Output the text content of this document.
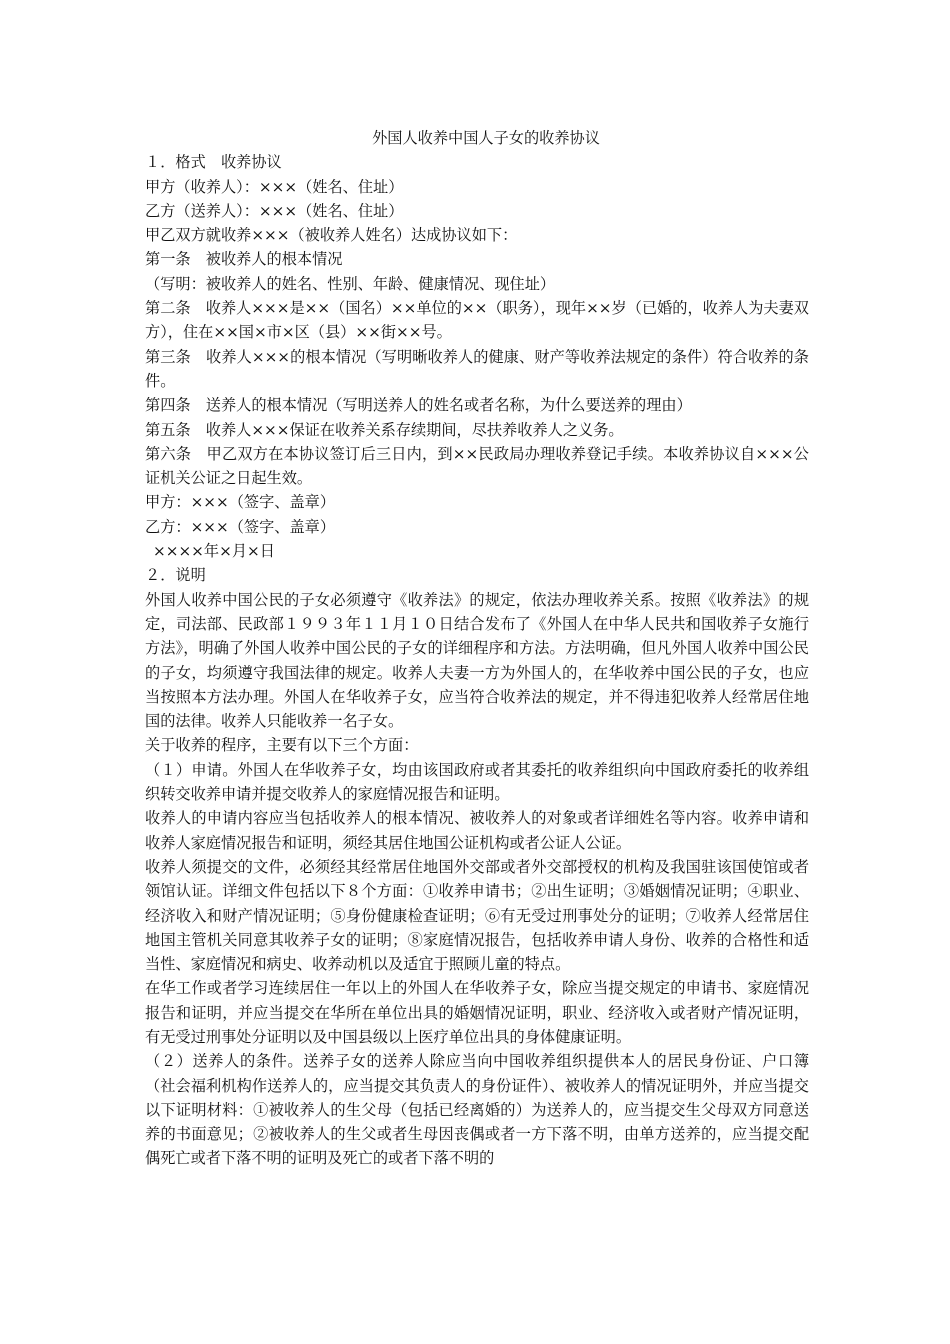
外国人收养中国人子女的收养协议

１．格式　收养协议

甲方（收养人）：×××（姓名、住址）

乙方（送养人）：×××（姓名、住址）

甲乙双方就收养×××（被收养人姓名）达成协议如下：

第一条　被收养人的根本情况

（写明：被收养人的姓名、性别、年龄、健康情况、现住址）

第二条　收养人×××是××（国名）××单位的××（职务），现年××岁（已婚的，收养人为夫妻双方），住在××国×市×区（县）××街××号。

第三条　收养人×××的根本情况（写明晰收养人的健康、财产等收养法规定的条件）符合收养的条件。

第四条　送养人的根本情况（写明送养人的姓名或者名称，为什么要送养的理由）

第五条　收养人×××保证在收养关系存续期间，尽扶养收养人之义务。

第六条　甲乙双方在本协议签订后三日内，到××民政局办理收养登记手续。本收养协议自×××公证机关公证之日起生效。

甲方：×××（签字、盖章）

乙方：×××（签字、盖章）

××××年×月×日

２．说明

外国人收养中国公民的子女必须遵守《收养法》的规定，依法办理收养关系。按照《收养法》的规定，司法部、民政部１９９３年１１月１０日结合发布了《外国人在中华人民共和国收养子女施行方法》，明确了外国人收养中国公民的子女的详细程序和方法。方法明确，但凡外国人收养中国公民的子女，均须遵守我国法律的规定。收养人夫妻一方为外国人的，在华收养中国公民的子女，也应当按照本方法办理。外国人在华收养子女，应当符合收养法的规定，并不得违犯收养人经常居住地国的法律。收养人只能收养一名子女。

关于收养的程序，主要有以下三个方面：

（１）申请。外国人在华收养子女，均由该国政府或者其委托的收养组织向中国政府委托的收养组织转交收养申请并提交收养人的家庭情况报告和证明。

收养人的申请内容应当包括收养人的根本情况、被收养人的对象或者详细姓名等内容。收养申请和收养人家庭情况报告和证明，须经其居住地国公证机构或者公证人公证。

收养人须提交的文件，必须经其经常居住地国外交部或者外交部授权的机构及我国驻该国使馆或者领馆认证。详细文件包括以下８个方面：①收养申请书；②出生证明；③婚姻情况证明；④职业、经济收入和财产情况证明；⑤身份健康检查证明；⑥有无受过刑事处分的证明；⑦收养人经常居住地国主管机关同意其收养子女的证明；⑧家庭情况报告，包括收养申请人身份、收养的合格性和适当性、家庭情况和病史、收养动机以及适宜于照顾儿童的特点。

在华工作或者学习连续居住一年以上的外国人在华收养子女，除应当提交规定的申请书、家庭情况报告和证明，并应当提交在华所在单位出具的婚姻情况证明，职业、经济收入或者财产情况证明，有无受过刑事处分证明以及中国县级以上医疗单位出具的身体健康证明。

（２）送养人的条件。送养子女的送养人除应当向中国收养组织提供本人的居民身份证、户口簿（社会福利机构作送养人的，应当提交其负责人的身份证件）、被收养人的情况证明外，并应当提交以下证明材料：①被收养人的生父母（包括已经离婚的）为送养人的，应当提交生父母双方同意送养的书面意见；②被收养人的生父或者生母因丧偶或者一方下落不明，由单方送养的，应当提交配偶死亡或者下落不明的证明及死亡的或者下落不明的
